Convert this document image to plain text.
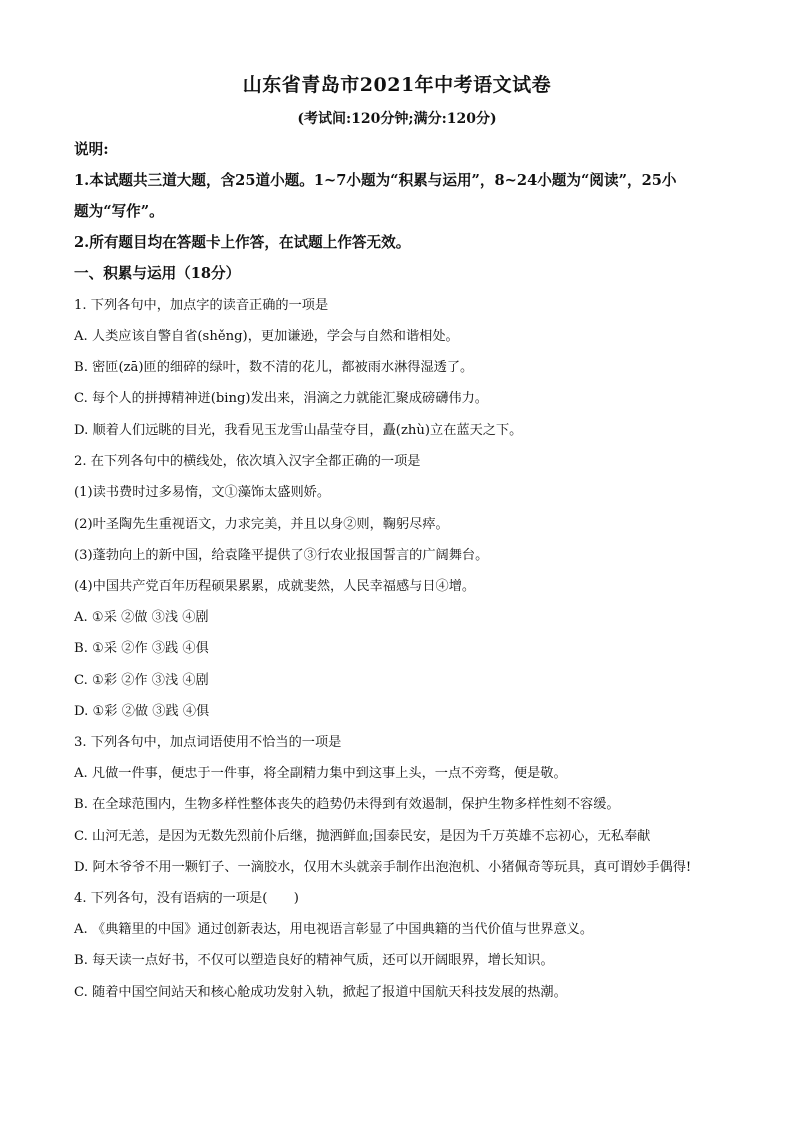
山东省青岛市2021年中考语文试卷
(考试间:120分钟;满分:120分)
说明:
1.本试题共三道大题，含25道小题。1~7小题为“积累与运用”，8~24小题为“阅读”，25小
题为“写作”。
2.所有题目均在答题卡上作答，在试题上作答无效。
一、积累与运用（18分）
1. 下列各句中，加点字的读音正确的一项是
A. 人类应该自警自省(shěng)，更加谦逊，学会与自然和谐相处。
B. 密匝(zā)匝的细碎的绿叶，数不清的花儿，都被雨水淋得湿透了。
C. 每个人的拼搏精神迸(bing)发出来，涓滴之力就能汇聚成磅礴伟力。
D. 顺着人们远眺的目光，我看见玉龙雪山晶莹夺目，矗(zhù)立在蓝天之下。
2. 在下列各句中的横线处，依次填入汉字全都正确的一项是
(1)读书费时过多易惰，文①藻饰太盛则娇。
(2)叶圣陶先生重视语文，力求完美，并且以身②则，鞠躬尽瘁。
(3)蓬勃向上的新中国，给袁隆平提供了③行农业报国誓言的广阔舞台。
(4)中国共产党百年历程硕果累累，成就斐然，人民幸福感与日④增。
A. ①采 ②做 ③浅 ④剧
B. ①采 ②作 ③践 ④俱
C. ①彩 ②作 ③浅 ④剧
D. ①彩 ②做 ③践 ④俱
3. 下列各句中，加点词语使用不恰当的一项是
A. 凡做一件事，便忠于一件事，将全副精力集中到这事上头，一点不旁骛，便是敬。
B. 在全球范围内，生物多样性整体丧失的趋势仍未得到有效遏制，保护生物多样性刻不容缓。
C. 山河无恙，是因为无数先烈前仆后继，抛洒鲜血;国泰民安，是因为千万英雄不忘初心，无私奉献
D. 阿木爷爷不用一颗钉子、一滴胶水，仅用木头就亲手制作出泡泡机、小猪佩奇等玩具，真可谓妙手偶得!
4. 下列各句，没有语病的一项是(　　)
A. 《典籍里的中国》通过创新表达，用电视语言彰显了中国典籍的当代价值与世界意义。
B. 每天读一点好书，不仅可以塑造良好的精神气质，还可以开阔眼界，增长知识。
C. 随着中国空间站天和核心舱成功发射入轨，掀起了报道中国航天科技发展的热潮。
